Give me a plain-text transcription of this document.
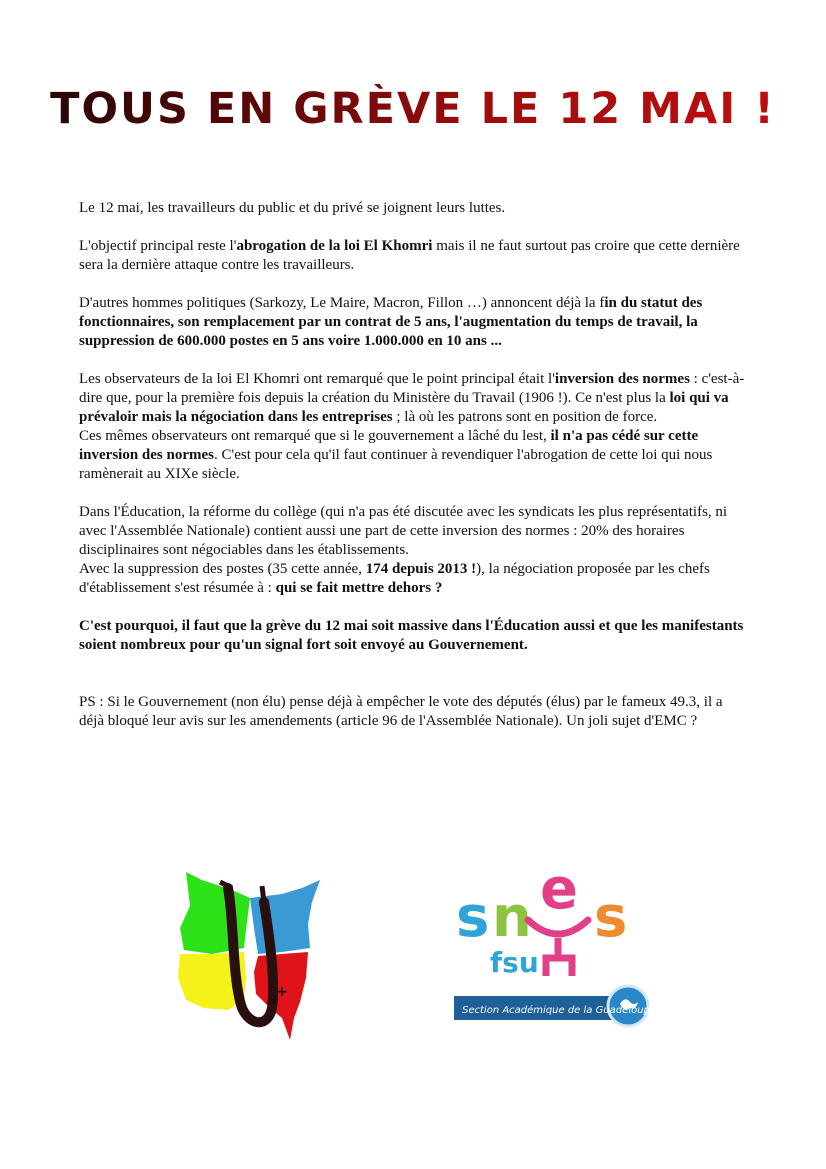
TOUS EN GRÈVE LE 12 MAI !

Le 12 mai, les travailleurs du public et du privé se joignent leurs luttes.

L'objectif principal reste l'abrogation de la loi El Khomri mais il ne faut surtout pas croire que cette dernière sera la dernière attaque contre les travailleurs.

D'autres hommes politiques (Sarkozy, Le Maire, Macron, Fillon …) annoncent déjà la fin du statut des fonctionnaires, son remplacement par un contrat de 5 ans, l'augmentation du temps de travail, la suppression de 600.000 postes en 5 ans voire 1.000.000 en 10 ans ...

Les observateurs de la loi El Khomri ont remarqué que le point principal était l'inversion des normes : c'est-à-dire que, pour la première fois depuis la création du Ministère du Travail (1906 !). Ce n'est plus la loi qui va prévaloir mais la négociation dans les entreprises ; là où les patrons sont en position de force.

Ces mêmes observateurs ont remarqué que si le gouvernement a lâché du lest, il n'a pas cédé sur cette inversion des normes. C'est pour cela qu'il faut continuer à revendiquer l'abrogation de cette loi qui nous ramènerait au XIXe siècle.

Dans l'Éducation, la réforme du collège (qui n'a pas été discutée avec les syndicats les plus représentatifs, ni avec l'Assemblée Nationale) contient aussi une part de cette inversion des normes : 20% des horaires disciplinaires sont négociables dans les établissements.

Avec la suppression des postes (35 cette année, 174 depuis 2013 !), la négociation proposée par les chefs d'établissement s'est résumée à : qui se fait mettre dehors ?

C'est pourquoi, il faut que la grève du 12 mai soit massive dans l'Éducation aussi et que les manifestants soient nombreux pour qu'un signal fort soit envoyé au Gouvernement.

PS : Si le Gouvernement (non élu) pense déjà à empêcher le vote des députés (élus) par le fameux 49.3, il a déjà bloqué leur avis sur les amendements (article 96 de l'Assemblée Nationale). Un joli sujet d'EMC ?

+
+
s n e s
fsu
Section Académique de la Guadeloupe
